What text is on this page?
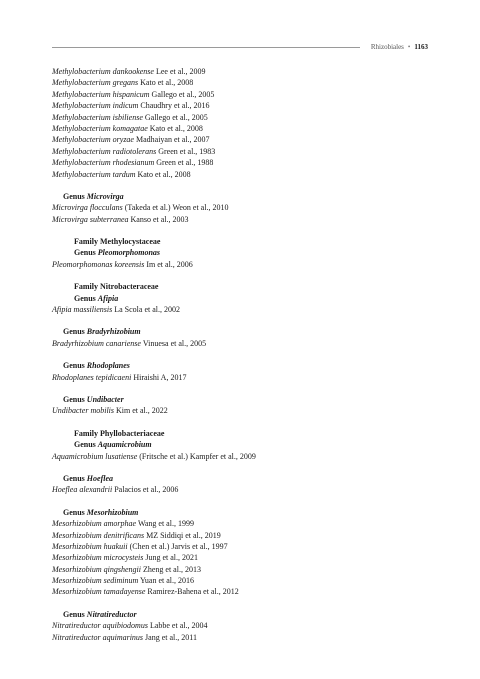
Rhizobiales • 1163
Methylobacterium dankookense Lee et al., 2009
Methylobacterium gregans Kato et al., 2008
Methylobacterium hispanicum Gallego et al., 2005
Methylobacterium indicum Chaudhry et al., 2016
Methylobacterium isbiliense Gallego et al., 2005
Methylobacterium komagatae Kato et al., 2008
Methylobacterium oryzae Madhaiyan et al., 2007
Methylobacterium radiotolerans Green et al., 1983
Methylobacterium rhodesianum Green et al., 1988
Methylobacterium tardum Kato et al., 2008
Genus Microvirga
Microvirga flocculans (Takeda et al.) Weon et al., 2010
Microvirga subterranea Kanso et al., 2003
Family Methylocystaceae
Genus Pleomorphomonas
Pleomorphomonas koreensis Im et al., 2006
Family Nitrobacteraceae
Genus Afipia
Afipia massiliensis La Scola et al., 2002
Genus Bradyrhizobium
Bradyrhizobium canariense Vinuesa et al., 2005
Genus Rhodoplanes
Rhodoplanes tepidicaeni Hiraishi A, 2017
Genus Undibacter
Undibacter mobilis Kim et al., 2022
Family Phyllobacteriaceae
Genus Aquamicrobium
Aquamicrobium lusatiense (Fritsche et al.) Kampfer et al., 2009
Genus Hoeflea
Hoeflea alexandrii Palacios et al., 2006
Genus Mesorhizobium
Mesorhizobium amorphae Wang et al., 1999
Mesorhizobium denitrificans MZ Siddiqi et al., 2019
Mesorhizobium huakuii (Chen et al.) Jarvis et al., 1997
Mesorhizobium microcysteis Jung et al., 2021
Mesorhizobium qingshengii Zheng et al., 2013
Mesorhizobium sediminum Yuan et al., 2016
Mesorhizobium tamadayense Ramirez-Bahena et al., 2012
Genus Nitratireductor
Nitratireductor aquibiodomus Labbe et al., 2004
Nitratireductor aquimarinus Jang et al., 2011
